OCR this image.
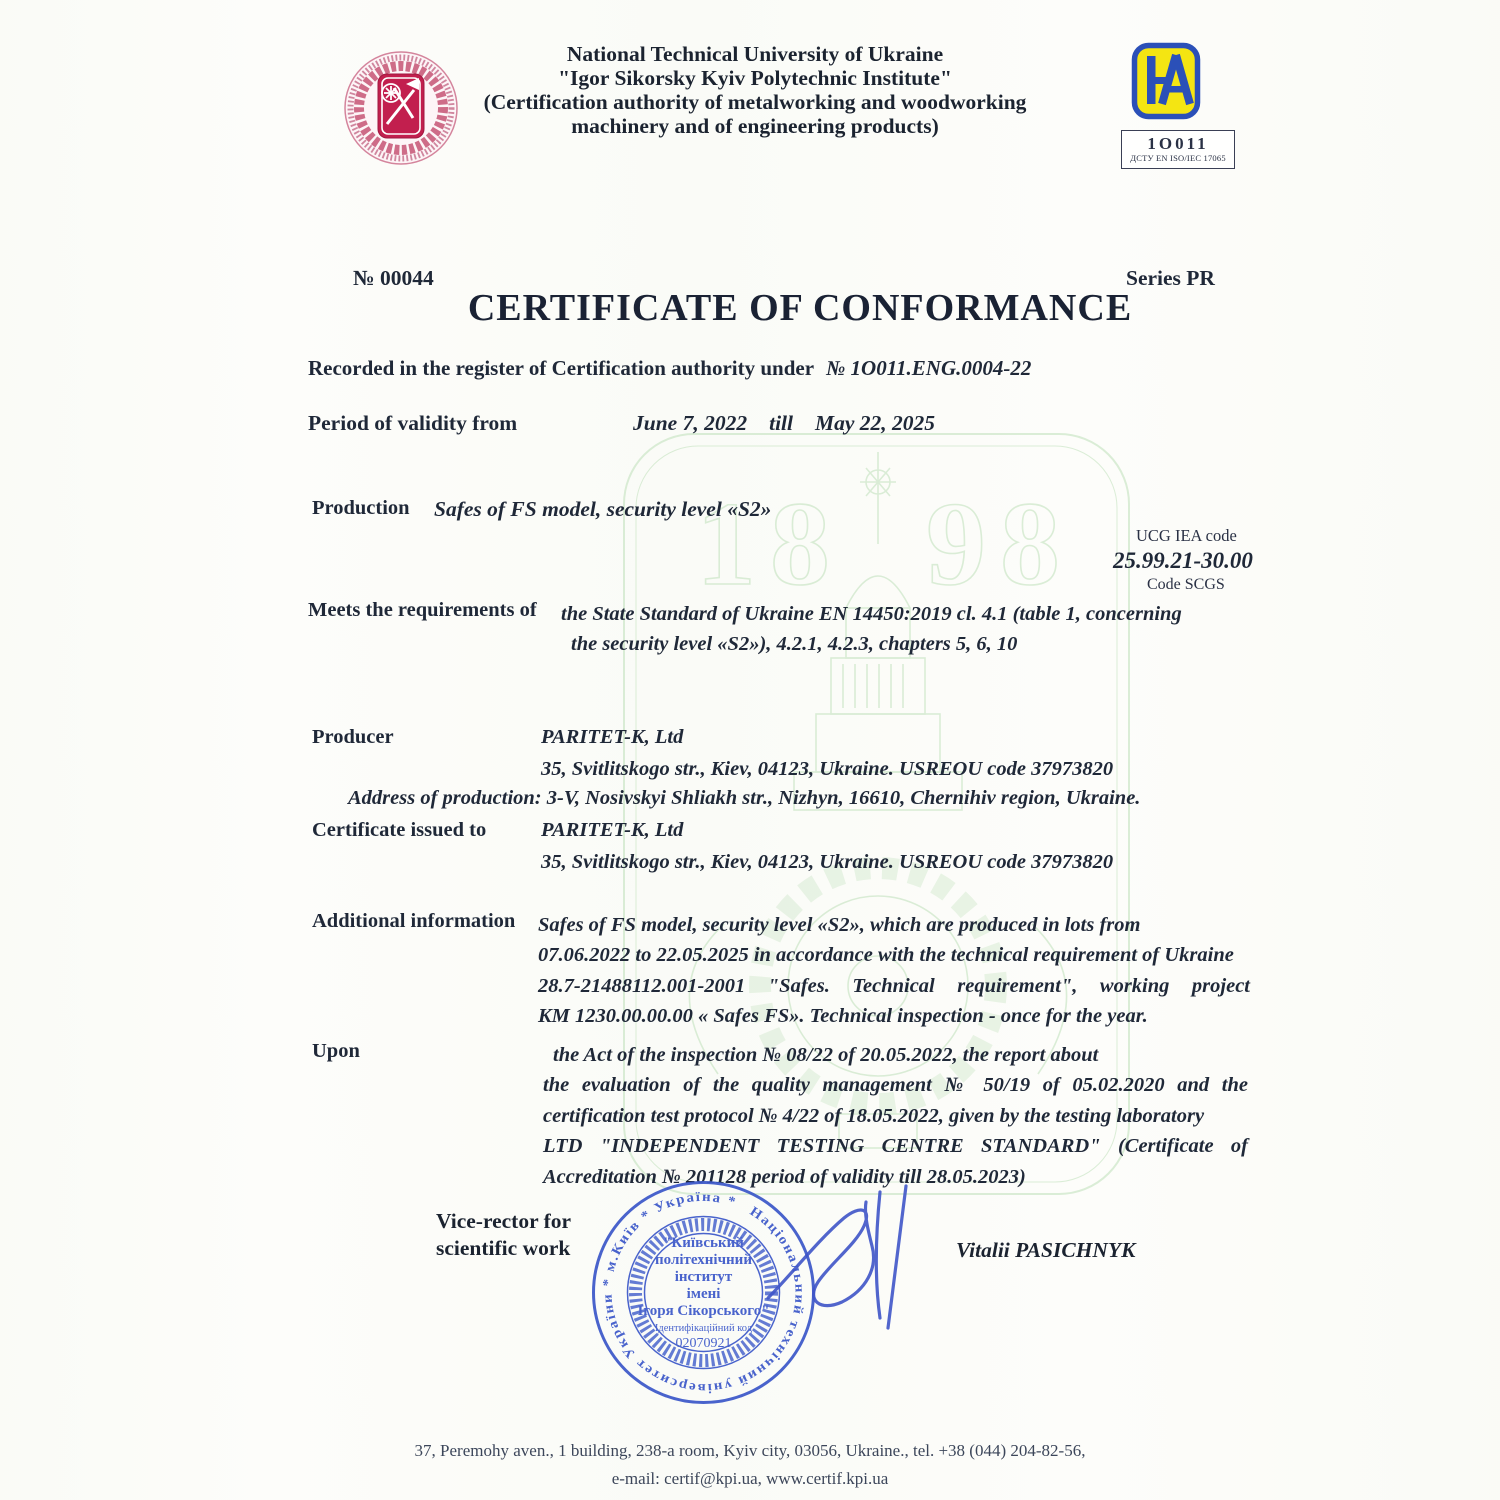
18 98
National Technical University of Ukraine
"Igor Sikorsky Kyiv Polytechnic Institute"
(Certification authority of metalworking and woodworking
machinery and of engineering products)
1O011
ДСТУ EN ISO/IEC 17065
№ 00044	Series PR
CERTIFICATE OF CONFORMANCE
Recorded in the register of Certification authority under № 1O011.ENG.0004-22
Period of validity from	June 7, 2022 till May 22, 2025
Production Safes of FS model, security level «S2»
UCG IEA code
25.99.21-30.00
Code SCGS
Meets the requirements of the State Standard of Ukraine EN 14450:2019 cl. 4.1 (table 1, concerning
the security level «S2»), 4.2.1, 4.2.3, chapters 5, 6, 10
Producer	PARITET-K, Ltd
35, Svitlitskogo str., Kiev, 04123, Ukraine. USREOU code 37973820
Address of production: 3-V, Nosivskyi Shliakh str., Nizhyn, 16610, Chernihiv region, Ukraine.
Certificate issued to	PARITET-K, Ltd
35, Svitlitskogo str., Kiev, 04123, Ukraine. USREOU code 37973820
Additional information Safes of FS model, security level «S2», which are produced in lots from
07.06.2022 to 22.05.2025 in accordance with the technical requirement of Ukraine
28.7-21488112.001-2001 "Safes. Technical requirement", working project
KM 1230.00.00.00 « Safes FS». Technical inspection - once for the year.
Upon	the Act of the inspection № 08/22 of 20.05.2022, the report about
the evaluation of the quality management № 50/19 of 05.02.2020 and the
certification test protocol № 4/22 of 18.05.2022, given by the testing laboratory
LTD "INDEPENDENT TESTING CENTRE STANDARD" (Certificate of
Accreditation № 201128 period of validity till 28.05.2023)
Vice-rector for
scientific work
Національний технічний університет України * м.Київ * Україна *
"Київський
політехнічний
інститут
імені
Ігоря Сікорського"
Ідентифікаційний код
02070921
Vitalii PASICHNYK
37, Peremohy aven., 1 building, 238-a room, Kyiv city, 03056, Ukraine., tel. +38 (044) 204-82-56,
e-mail: certif@kpi.ua, www.certif.kpi.ua
